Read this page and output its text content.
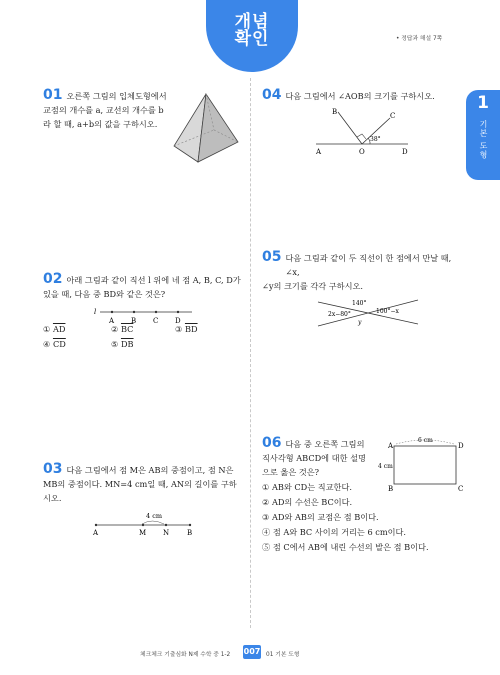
개념
확인	• 정답과 해설 7쪽
1
기본 도형
01 오른쪽 그림의 입체도형에서
교점의 개수를 a, 교선의 개수를 b
라 할 때, a+b의 값을 구하시오.
04 다음 그림에서 ∠AOB의 크기를 구하시오.
A
B	C
O	D
38°
02 아래 그림과 같이 직선 l 위에 네 점 A, B, C, D가
있을 때, 다음 중 BD와 같은 것은?
l
A B C D
① $\overline{AD}$	② $\overline{BC}$	③ $\overline{BD}$
④ $\overline{CD}$	⑤ $\overline{DB}$
05 다음 그림과 같이 두 직선이 한 점에서 만날 때, ∠x,
∠y의 크기를 각각 구하시오.
140°
100°−x
2x−80°
y
06 다음 중 오른쪽 그림의
직사각형 ABCD에 대한 설명
으로 옳은 것은?
6 cm
4 cm
A	D
B	C
① AB와 CD는 직교한다.
② AD의 수선은 BC이다.
③ AD와 AB의 교점은 점 B이다.
④ 점 A와 BC 사이의 거리는 6 cm이다.
⑤ 점 C에서 AB에 내린 수선의 발은 점 B이다.
03 다음 그림에서 점 M은 AB의 중점이고, 점 N은
MB의 중점이다. MN=4 cm일 때, AN의 길이를 구하
시오.
4 cm
A	M N	B
체크체크 기출심화 N제 수학 중 1-2 007 01 기본 도형
